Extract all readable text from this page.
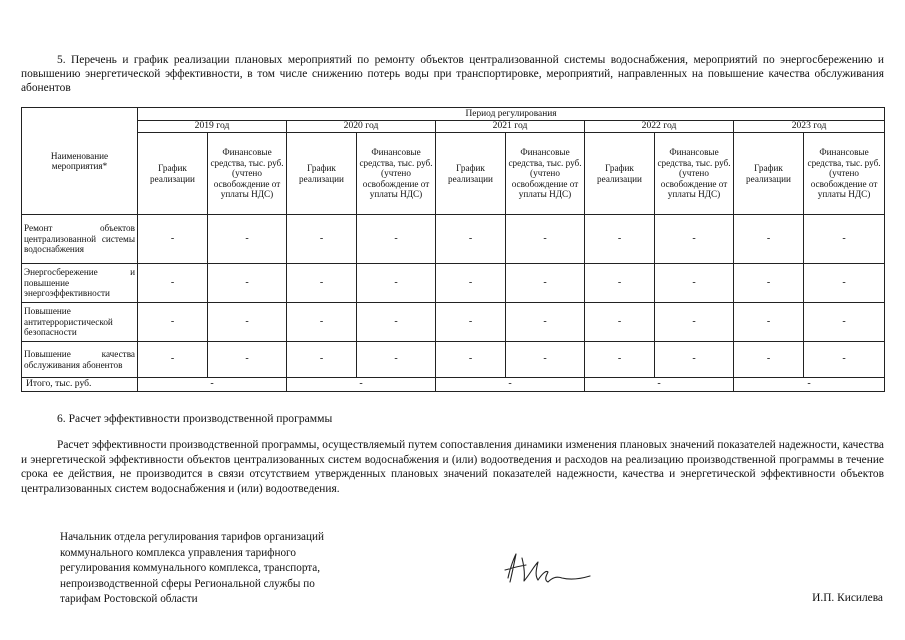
5. Перечень и график реализации плановых мероприятий по ремонту объектов централизованной системы водоснабжения, мероприятий по энергосбережению и повышению энергетической эффективности, в том числе снижению потерь воды при транспортировке, мероприятий, направленных на повышение качества обслуживания абонентов

Наименование мероприятия*	Период регулирования									
	2019 год		2020 год		2021 год		2022 год		2023 год	
	График реализации	Финансовые средства, тыс. руб. (учтено освобождение от уплаты НДС)	График реализации	Финансовые средства, тыс. руб. (учтено освобождение от уплаты НДС)	График реализации	Финансовые средства, тыс. руб. (учтено освобождение от уплаты НДС)	График реализации	Финансовые средства, тыс. руб. (учтено освобождение от уплаты НДС)	График реализации	Финансовые средства, тыс. руб. (учтено освобождение от уплаты НДС)
Ремонт объектов централизованной системы водоснабжения	-	-	-	-	-	-	-	-	-	-
Энергосбережение и повышение энергоэффективности	-	-	-	-	-	-	-	-	-	-
Повышение антитеррористической безопасности	-	-	-	-	-	-	-	-	-	-
Повышение качества обслуживания абонентов	-	-	-	-	-	-	-	-	-	-
Итого, тыс. руб.	-		-		-		-		-	

6. Расчет эффективности производственной программы

Расчет эффективности производственной программы, осуществляемый путем сопоставления динамики изменения плановых значений показателей надежности, качества и энергетической эффективности объектов централизованных систем водоснабжения и (или) водоотведения и расходов на реализацию производственной программы в течение срока ее действия, не производится в связи отсутствием утвержденных плановых значений показателей надежности, качества и энергетической эффективности объектов централизованных систем водоснабжения и (или) водоотведения.

Начальник отдела регулирования тарифов организаций
коммунального комплекса управления тарифного
регулирования коммунального комплекса, транспорта,
непроизводственной сферы Региональной службы по
тарифам Ростовской области	И.П. Кисилева
